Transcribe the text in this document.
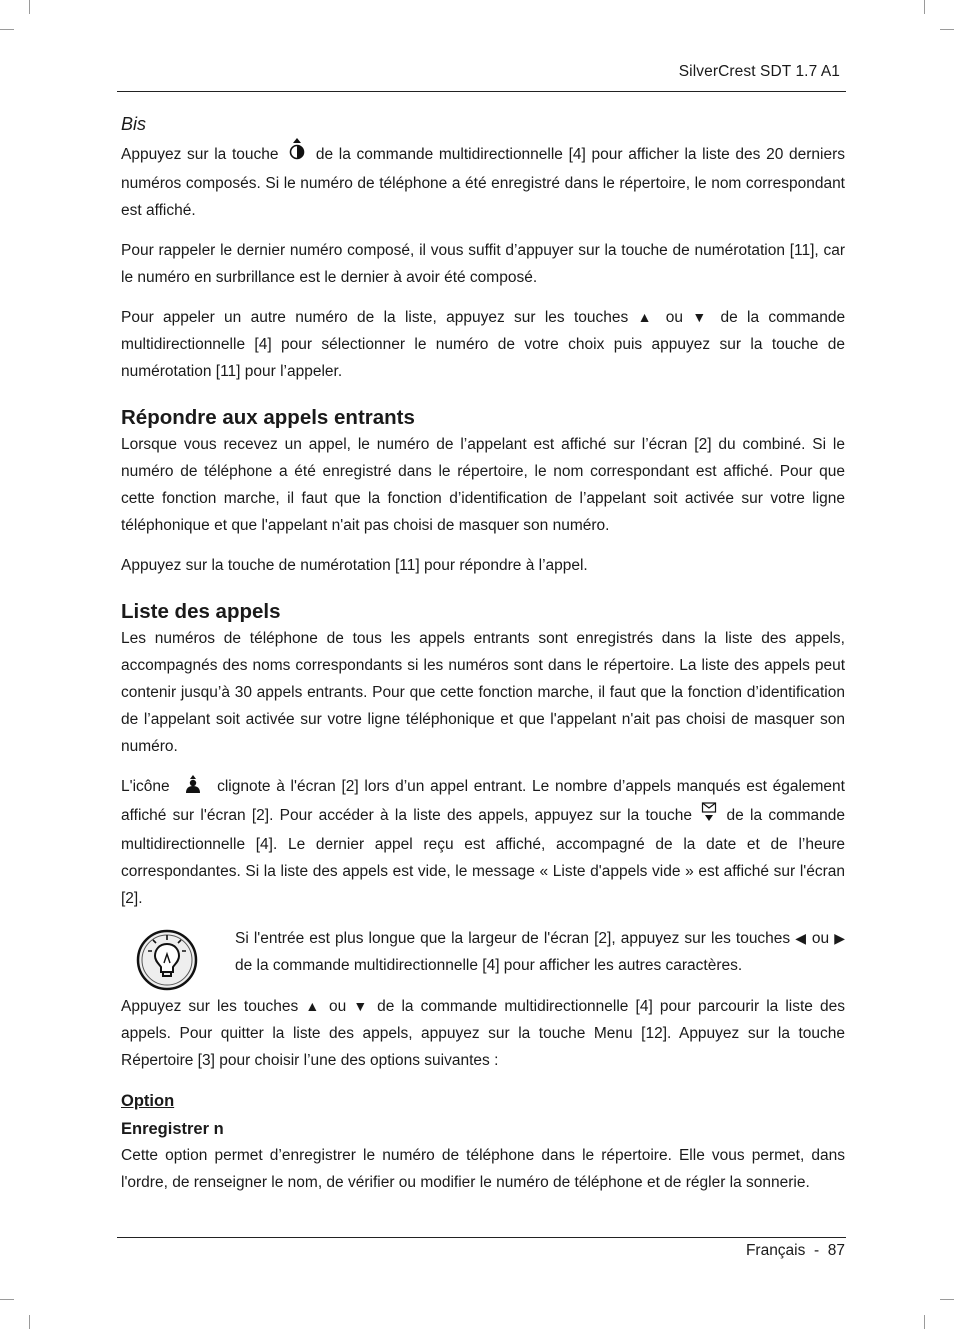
SilverCrest SDT 1.7 A1

Bis

Appuyez sur la touche de la commande multidirectionnelle [4] pour afficher la liste des 20 derniers numéros composés. Si le numéro de téléphone a été enregistré dans le répertoire, le nom correspondant est affiché.

Pour rappeler le dernier numéro composé, il vous suffit d’appuyer sur la touche de numérotation [11], car le numéro en surbrillance est le dernier à avoir été composé.

Pour appeler un autre numéro de la liste, appuyez sur les touches ▲ ou ▼ de la commande multidirectionnelle [4] pour sélectionner le numéro de votre choix puis appuyez sur la touche de numérotation [11] pour l’appeler.

Répondre aux appels entrants

Lorsque vous recevez un appel, le numéro de l’appelant est affiché sur l’écran [2] du combiné. Si le numéro de téléphone a été enregistré dans le répertoire, le nom correspondant est affiché. Pour que cette fonction marche, il faut que la fonction d’identification de l’appelant soit activée sur votre ligne téléphonique et que l'appelant n'ait pas choisi de masquer son numéro.

Appuyez sur la touche de numérotation [11] pour répondre à l’appel.

Liste des appels

Les numéros de téléphone de tous les appels entrants sont enregistrés dans la liste des appels, accompagnés des noms correspondants si les numéros sont dans le répertoire. La liste des appels peut contenir jusqu’à 30 appels entrants. Pour que cette fonction marche, il faut que la fonction d’identification de l’appelant soit activée sur votre ligne téléphonique et que l'appelant n'ait pas choisi de masquer son numéro.

L'icône	clignote à l'écran [2] lors d’un appel entrant. Le nombre d’appels manqués est également affiché sur l'écran [2]. Pour accéder à la liste des appels, appuyez sur la touche de la commande multidirectionnelle [4]. Le dernier appel reçu est affiché, accompagné de la date et de l’heure correspondantes. Si la liste des appels est vide, le message « Liste d'appels vide » est affiché sur l'écran [2].

Si l'entrée est plus longue que la largeur de l'écran [2], appuyez sur les touches ◀ ou ▶ de la commande multidirectionnelle [4] pour afficher les autres caractères.

Appuyez sur les touches ▲ ou ▼ de la commande multidirectionnelle [4] pour parcourir la liste des appels. Pour quitter la liste des appels, appuyez sur la touche Menu [12]. Appuyez sur la touche Répertoire [3] pour choisir l’une des options suivantes :

Option

Enregistrer n

Cette option permet d’enregistrer le numéro de téléphone dans le répertoire. Elle vous permet, dans l'ordre, de renseigner le nom, de vérifier ou modifier le numéro de téléphone et de régler la sonnerie.

Français  -  87
